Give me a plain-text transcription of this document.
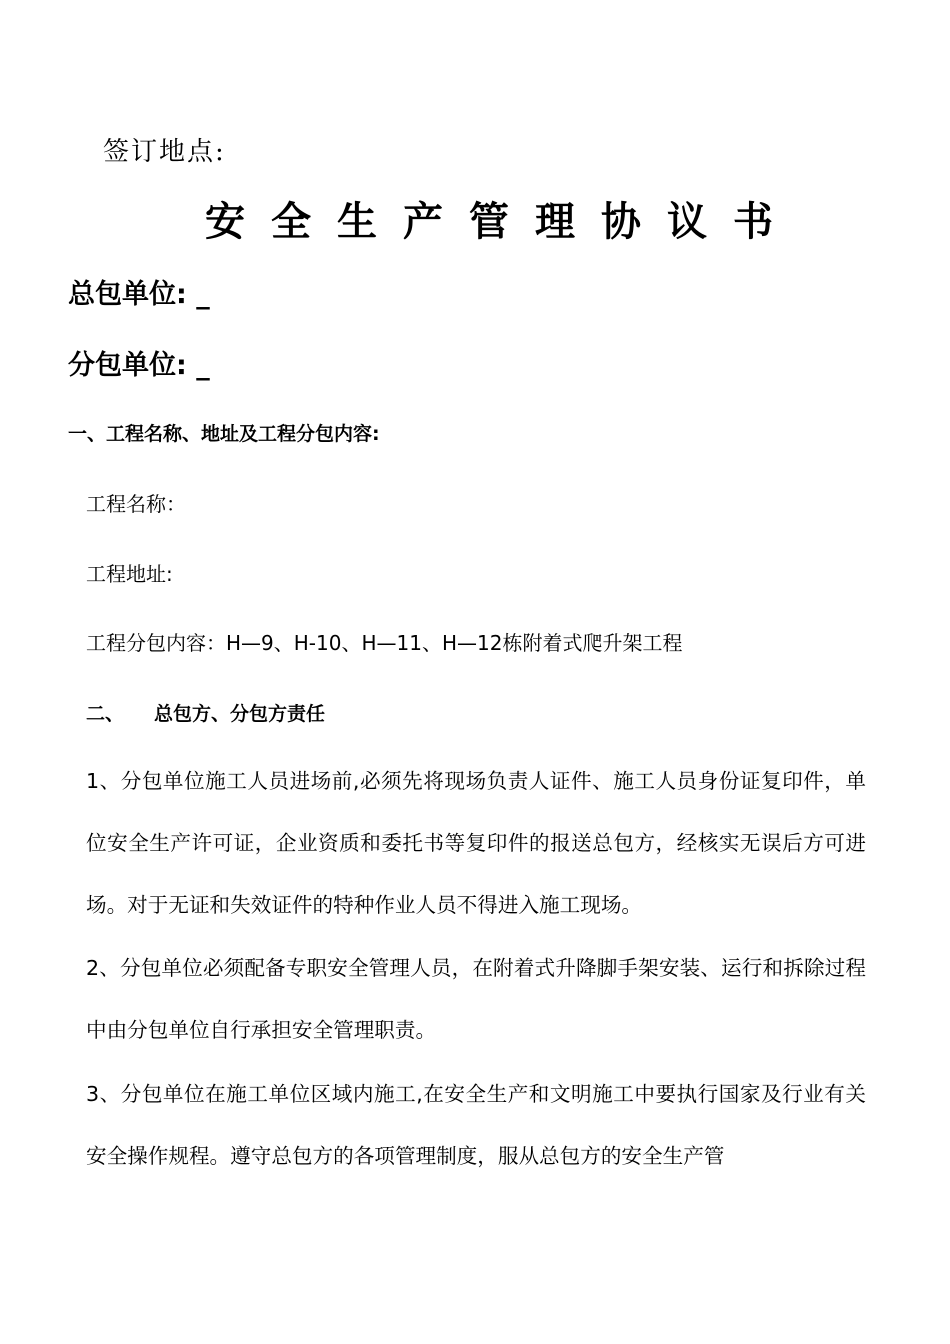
签订地点:
安全生产管理协议书
总包单位: _
分包单位: _
一、工程名称、地址及工程分包内容:
工程名称：
工程地址:
工程分包内容：H—9、H-10、H—11、H—12栋附着式爬升架工程
二、 总包方、分包方责任
1、分包单位施工人员进场前,必须先将现场负责人证件、施工人员身份证复印件，单位安全生产许可证，企业资质和委托书等复印件的报送总包方，经核实无误后方可进场。对于无证和失效证件的特种作业人员不得进入施工现场。
2、分包单位必须配备专职安全管理人员，在附着式升降脚手架安装、运行和拆除过程中由分包单位自行承担安全管理职责。
3、分包单位在施工单位区域内施工,在安全生产和文明施工中要执行国家及行业有关安全操作规程。遵守总包方的各项管理制度，服从总包方的安全生产管
